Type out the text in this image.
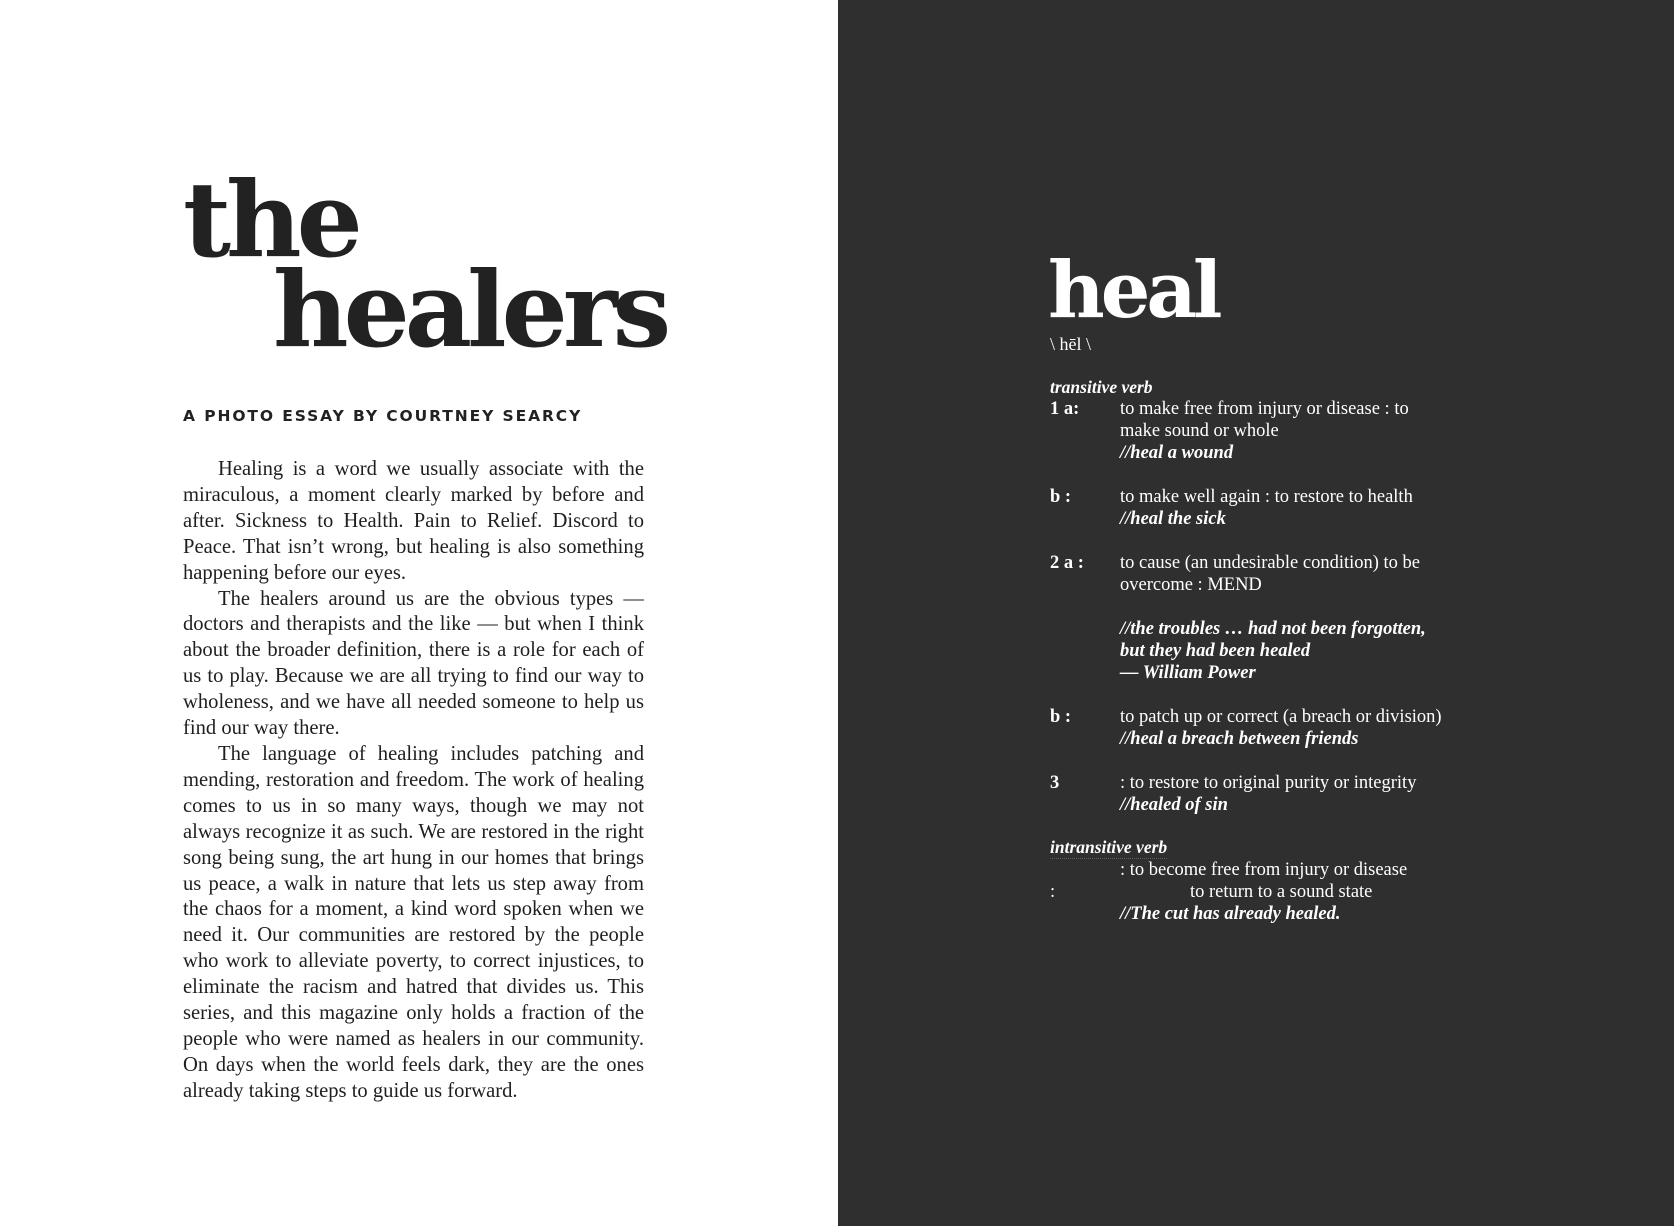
the
healers
A PHOTO ESSAY BY COURTNEY SEARCY

Healing is a word we usually associate with the miraculous, a moment clearly marked by before and after. Sickness to Health. Pain to Relief. Discord to Peace. That isn’t wrong, but healing is also something happening before our eyes.

The healers around us are the obvious types — doctors and therapists and the like — but when I think about the broader definition, there is a role for each of us to play. Because we are all trying to find our way to wholeness, and we have all needed someone to help us find our way there.

The language of healing includes patching and mending, restoration and freedom. The work of healing comes to us in so many ways, though we may not always recognize it as such. We are restored in the right song being sung, the art hung in our homes that brings us peace, a walk in nature that lets us step away from the chaos for a moment, a kind word spoken when we need it. Our communities are restored by the people who work to alleviate poverty, to correct injustices, to eliminate the racism and hatred that divides us. This series, and this magazine only holds a fraction of the people who were named as healers in our community. On days when the world feels dark, they are the ones already taking steps to guide us forward.

heal
\ hēl \
transitive verb
1 a: to make free from injury or disease : to make sound or whole
//heal a wound
b :	to make well again : to restore to health
//heal the sick
2 a : to cause (an undesirable condition) to be overcome : MEND
//the troubles … had not been forgotten, but they had been healed
— William Power
b :	to patch up or correct (a breach or division)
//heal a breach between friends
3	: to restore to original purity or integrity
//healed of sin
intransitive verb
: to become free from injury or disease
:	to return to a sound state
//The cut has already healed.
